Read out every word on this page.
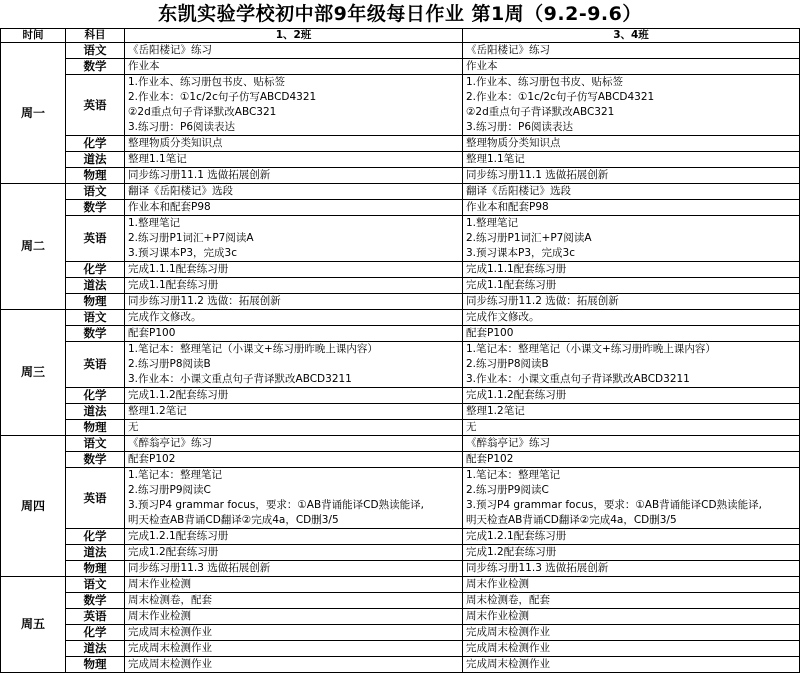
东凯实验学校初中部9年级每日作业 第1周（9.2-9.6）
时间	科目	1、2班	3、4班
周一	语文	《岳阳楼记》练习	《岳阳楼记》练习

	数学	作业本	作业本

	英语	1.作业本、练习册包书皮、贴标签
2.作业本：①1c/2c句子仿写ABCD4321
②2d重点句子背译默改ABC321
3.练习册：P6阅读表达	1.作业本、练习册包书皮、贴标签
2.作业本：①1c/2c句子仿写ABCD4321
②2d重点句子背译默改ABC321
3.练习册：P6阅读表达

	化学	整理物质分类知识点	整理物质分类知识点

	道法	整理1.1笔记	整理1.1笔记

	物理	同步练习册11.1 选做拓展创新	同步练习册11.1 选做拓展创新

周二	语文	翻译《岳阳楼记》选段	翻译《岳阳楼记》选段

	数学	作业本和配套P98	作业本和配套P98

	英语	1.整理笔记
2.练习册P1词汇+P7阅读A
3.预习课本P3，完成3c	1.整理笔记
2.练习册P1词汇+P7阅读A
3.预习课本P3，完成3c

	化学	完成1.1.1配套练习册	完成1.1.1配套练习册

	道法	完成1.1配套练习册	完成1.1配套练习册

	物理	同步练习册11.2 选做：拓展创新	同步练习册11.2 选做：拓展创新

周三	语文	完成作文修改。	完成作文修改。

	数学	配套P100	配套P100

	英语	1.笔记本：整理笔记（小课文+练习册昨晚上课内容）
2.练习册P8阅读B
3.作业本：小课文重点句子背译默改ABCD3211	1.笔记本：整理笔记（小课文+练习册昨晚上课内容）
2.练习册P8阅读B
3.作业本：小课文重点句子背译默改ABCD3211

	化学	完成1.1.2配套练习册	完成1.1.2配套练习册

	道法	整理1.2笔记	整理1.2笔记

	物理	无	无

周四	语文	《醉翁亭记》练习	《醉翁亭记》练习

	数学	配套P102	配套P102

	英语	1.笔记本：整理笔记
2.练习册P9阅读C
3.预习P4 grammar focus，要求：①AB背诵能译CD熟读能译,
明天检查AB背诵CD翻译②完成4a，CD删3/5	1.笔记本：整理笔记
2.练习册P9阅读C
3.预习P4 grammar focus，要求：①AB背诵能译CD熟读能译,
明天检查AB背诵CD翻译②完成4a，CD删3/5

	化学	完成1.2.1配套练习册	完成1.2.1配套练习册

	道法	完成1.2配套练习册	完成1.2配套练习册

	物理	同步练习册11.3 选做拓展创新	同步练习册11.3 选做拓展创新

周五	语文	周末作业检测	周末作业检测

	数学	周末检测卷，配套	周末检测卷，配套

	英语	周末作业检测	周末作业检测

	化学	完成周末检测作业	完成周末检测作业

	道法	完成周末检测作业	完成周末检测作业

	物理	完成周末检测作业	完成周末检测作业
